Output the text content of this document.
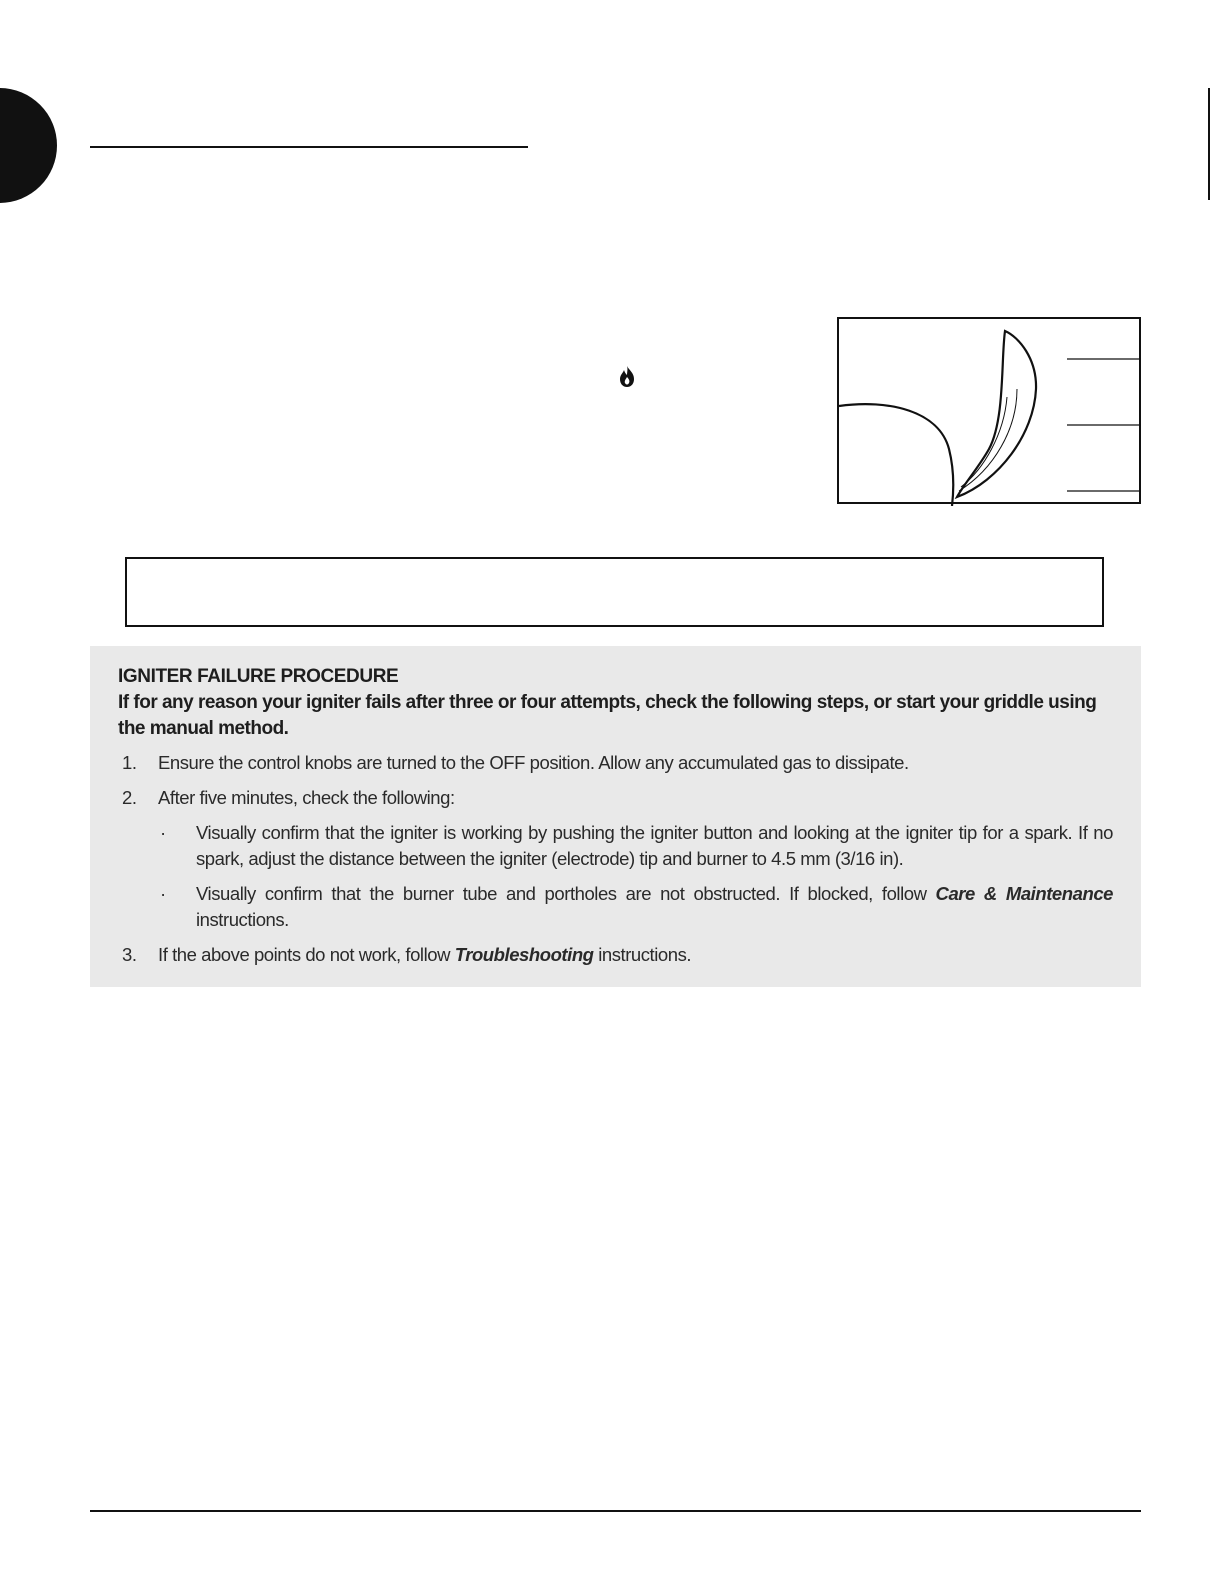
IGNITER FAILURE PROCEDURE
If for any reason your igniter fails after three or four attempts, check the following steps, or start your griddle using the manual method.
1. Ensure the control knobs are turned to the OFF position. Allow any accumulated gas to dissipate.
2. After five minutes, check the following:
· Visually confirm that the igniter is working by pushing the igniter button and looking at the igniter tip for a spark. If no spark, adjust the distance between the igniter (electrode) tip and burner to 4.5 mm (3/16 in).
· Visually confirm that the burner tube and portholes are not obstructed. If blocked, follow Care & Maintenance instructions.
3. If the above points do not work, follow Troubleshooting instructions.
